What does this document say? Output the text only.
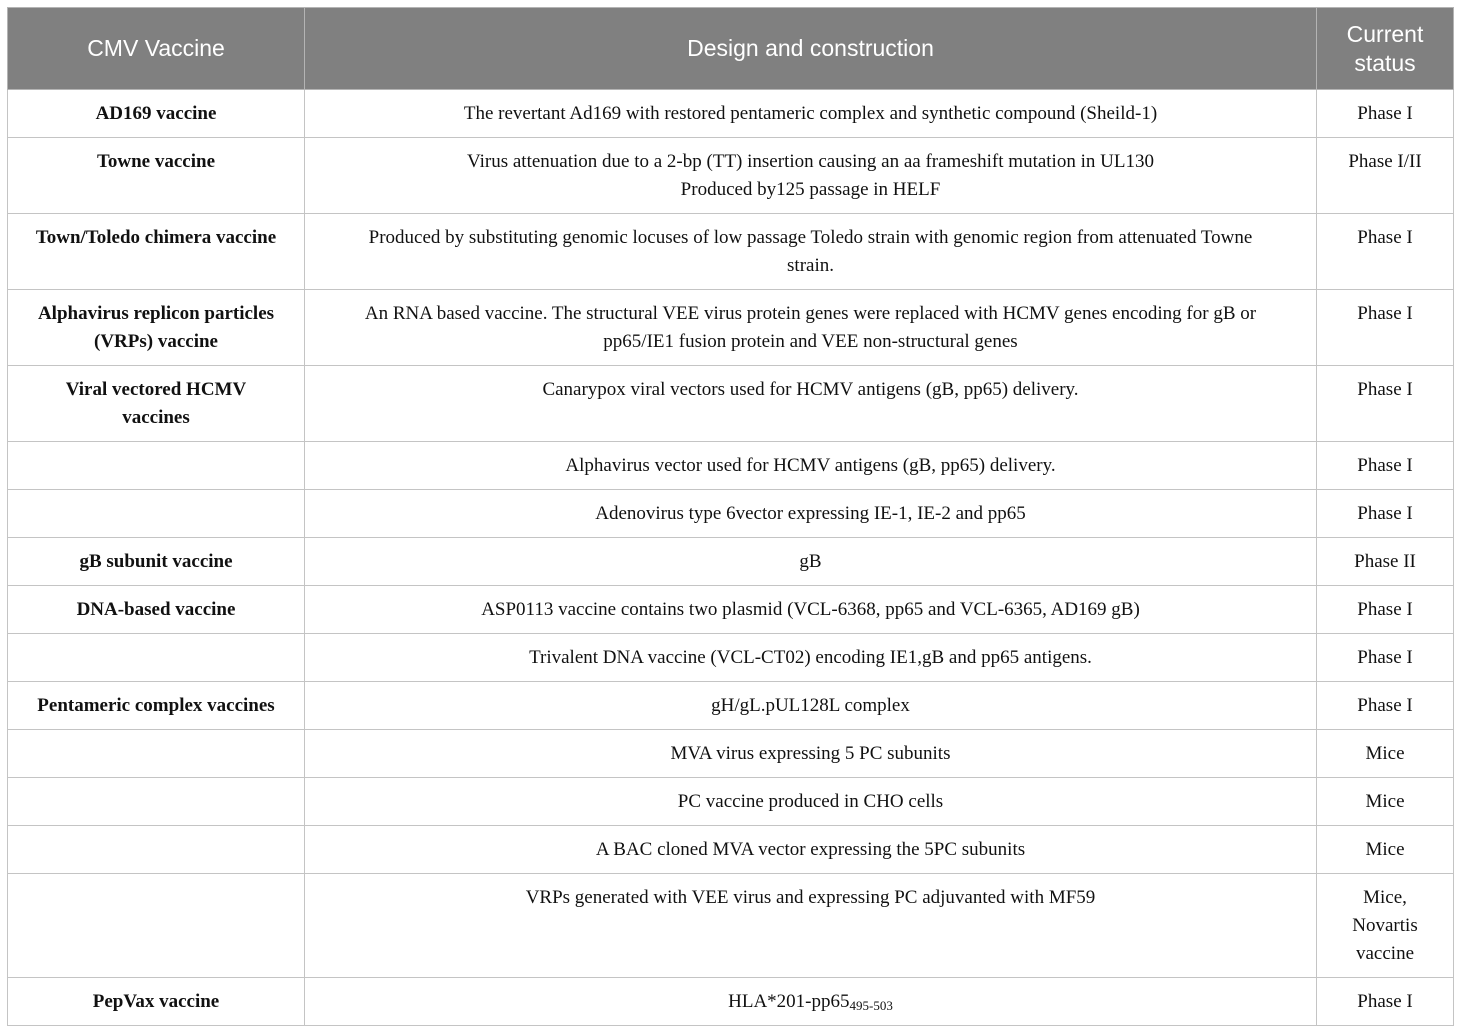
CMV Vaccine	Design and construction	Current
status

AD169 vaccine	The revertant Ad169 with restored pentameric complex and synthetic compound (Sheild-1)	Phase I

Towne vaccine	Virus attenuation due to a 2-bp (TT) insertion causing an aa frameshift mutation in UL130
Produced by125 passage in HELF	Phase I/II

Town/Toledo chimera vaccine	Produced by substituting genomic locuses of low passage Toledo strain with genomic region from attenuated Towne
strain.	Phase I

Alphavirus replicon particles
(VRPs) vaccine	An RNA based vaccine. The structural VEE virus protein genes were replaced with HCMV genes encoding for gB or
pp65/IE1 fusion protein and VEE non-structural genes	Phase I

Viral vectored HCMV
vaccines	Canarypox viral vectors used for HCMV antigens (gB, pp65) delivery.	Phase I

	Alphavirus vector used for HCMV antigens (gB, pp65) delivery.	Phase I

	Adenovirus type 6vector expressing IE-1, IE-2 and pp65	Phase I

gB subunit vaccine	gB	Phase II

DNA-based vaccine	ASP0113 vaccine contains two plasmid (VCL-6368, pp65 and VCL-6365, AD169 gB)	Phase I

	Trivalent DNA vaccine (VCL-CT02) encoding IE1,gB and pp65 antigens.	Phase I

Pentameric complex vaccines	gH/gL.pUL128L complex	Phase I

	MVA virus expressing 5 PC subunits	Mice

	PC vaccine produced in CHO cells	Mice

	A BAC cloned MVA vector expressing the 5PC subunits	Mice

	VRPs generated with VEE virus and expressing PC adjuvanted with MF59	Mice,
Novartis
vaccine

PepVax vaccine	$HLA*201-pp65_{495-503}$	Phase I
